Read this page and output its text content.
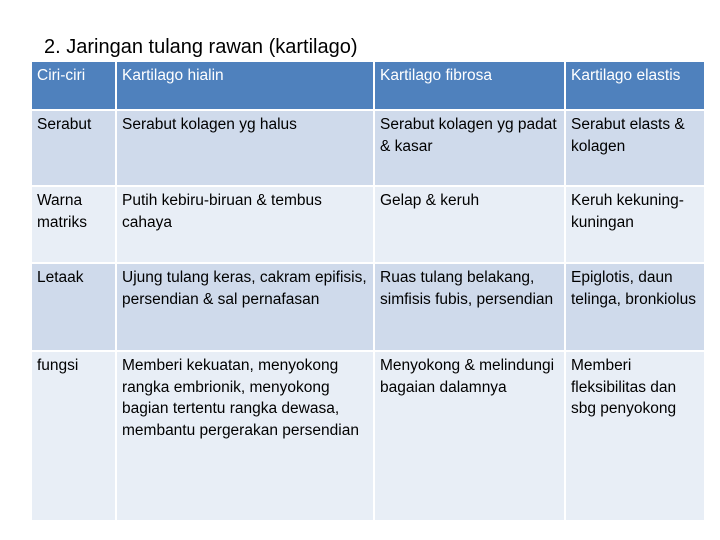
2. Jaringan tulang rawan (kartilago)
Ciri-ciri	Kartilago hialin	Kartilago fibrosa	Kartilago elastis
Serabut	Serabut kolagen yg halus	Serabut kolagen yg padat & kasar	Serabut elasts & kolagen
Warna matriks	Putih kebiru-biruan & tembus cahaya	Gelap & keruh	Keruh kekuning-kuningan
Letaak	Ujung tulang keras, cakram epifisis, persendian & sal pernafasan	Ruas tulang belakang, simfisis fubis, persendian	Epiglotis, daun telinga, bronkiolus
fungsi	Memberi kekuatan, menyokong rangka embrionik, menyokong bagian tertentu rangka dewasa, membantu pergerakan persendian	Menyokong & melindungi bagaian dalamnya	Memberi fleksibilitas dan sbg penyokong
